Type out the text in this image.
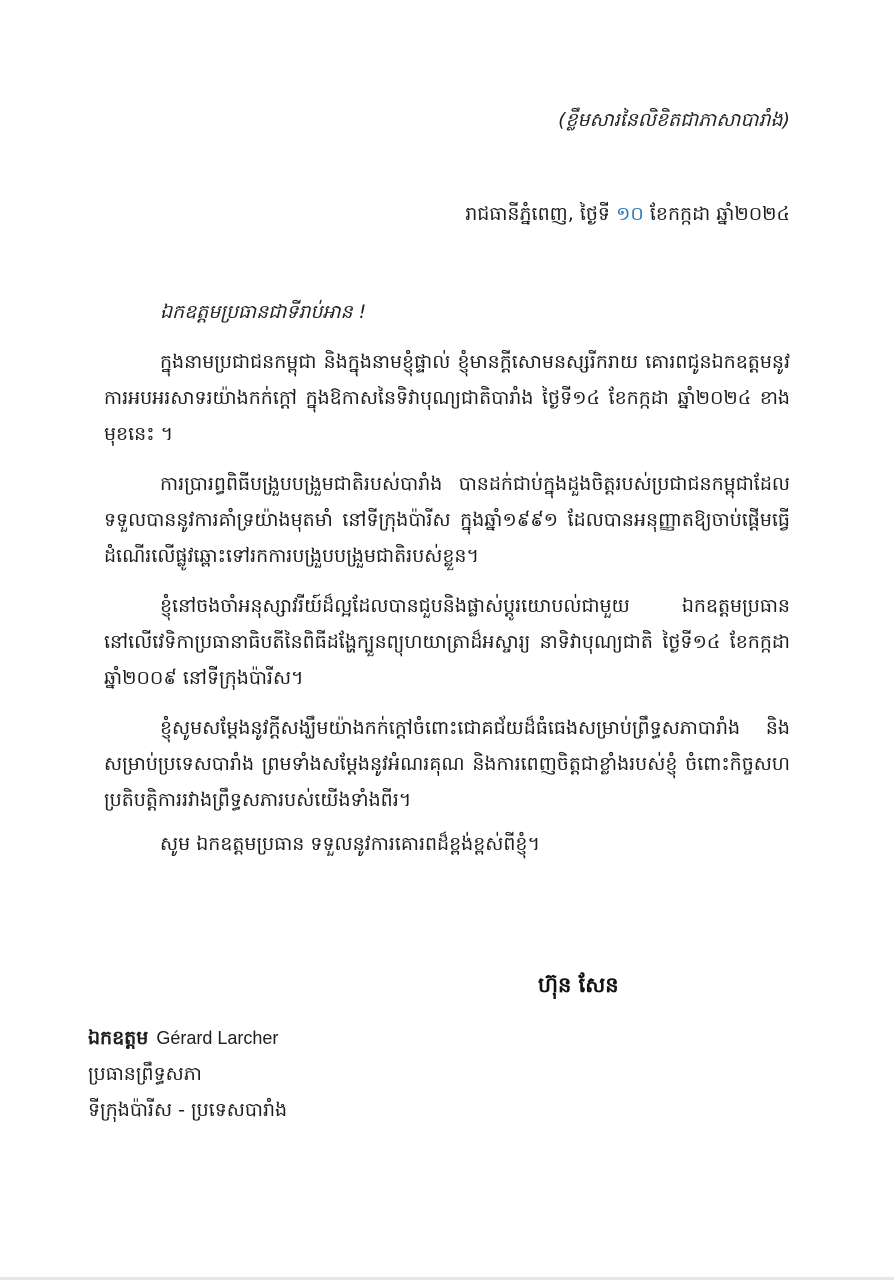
(ខ្លឹមសារនៃលិខិតជាភាសាបារាំង)
រាជធានីភ្នំពេញ, ថ្ងៃទី ១០ ខែកក្កដា ឆ្នាំ២០២៤
ឯកឧត្តមប្រធានជាទីរាប់អាន !

ក្នុងនាមប្រជាជនកម្ពុជា និងក្នុងនាមខ្ញុំផ្ទាល់ ខ្ញុំមានក្តីសោមនស្សរីករាយ គោរពជូនឯកឧត្តមនូវការអបអរសាទរយ៉ាងកក់ក្តៅ ក្នុងឱកាសនៃទិវាបុណ្យជាតិបារាំង ថ្ងៃទី១៤ ខែកក្កដា ឆ្នាំ២០២៤ ខាងមុខនេះ ។

ការប្រារព្ធពិធីបង្រួបបង្រួមជាតិរបស់បារាំង បានដក់ជាប់ក្នុងដួងចិត្តរបស់ប្រជាជនកម្ពុជាដែលទទួលបាននូវការគាំទ្រយ៉ាងមុតមាំ នៅទីក្រុងប៉ារីស ក្នុងឆ្នាំ១៩៩១ ដែលបានអនុញ្ញាតឱ្យចាប់ផ្តើមធ្វើដំណើរលើផ្លូវឆ្ពោះទៅរកការបង្រួបបង្រួមជាតិរបស់ខ្លួន។

ខ្ញុំនៅចងចាំអនុស្សាវរីយ៍ដ៏ល្អដែលបានជួបនិងផ្លាស់ប្តូរយោបល់ជាមួយ ឯកឧត្តមប្រធាន នៅលើវេទិកាប្រធានាធិបតីនៃពិធីដង្ហែក្បួនព្យុហយាត្រាដ៏អស្ចារ្យ នាទិវាបុណ្យជាតិ ថ្ងៃទី១៤ ខែកក្កដា ឆ្នាំ២០០៩ នៅទីក្រុងប៉ារីស។

ខ្ញុំសូមសម្តែងនូវក្តីសង្ឃឹមយ៉ាងកក់ក្តៅចំពោះជោគជ័យដ៏ធំធេងសម្រាប់ព្រឹទ្ធសភាបារាំង និងសម្រាប់ប្រទេសបារាំង ព្រមទាំងសម្តែងនូវអំណរគុណ និងការពេញចិត្តជាខ្លាំងរបស់ខ្ញុំ ចំពោះកិច្ចសហប្រតិបត្តិការរវាងព្រឹទ្ធសភារបស់យើងទាំងពីរ។

សូម ឯកឧត្តមប្រធាន ទទួលនូវការគោរពដ៏ខ្ពង់ខ្ពស់ពីខ្ញុំ។

ហ៊ុន សែន
ឯកឧត្តម Gérard Larcher
ប្រធានព្រឹទ្ធសភា
ទីក្រុងប៉ារីស - ប្រទេសបារាំង
